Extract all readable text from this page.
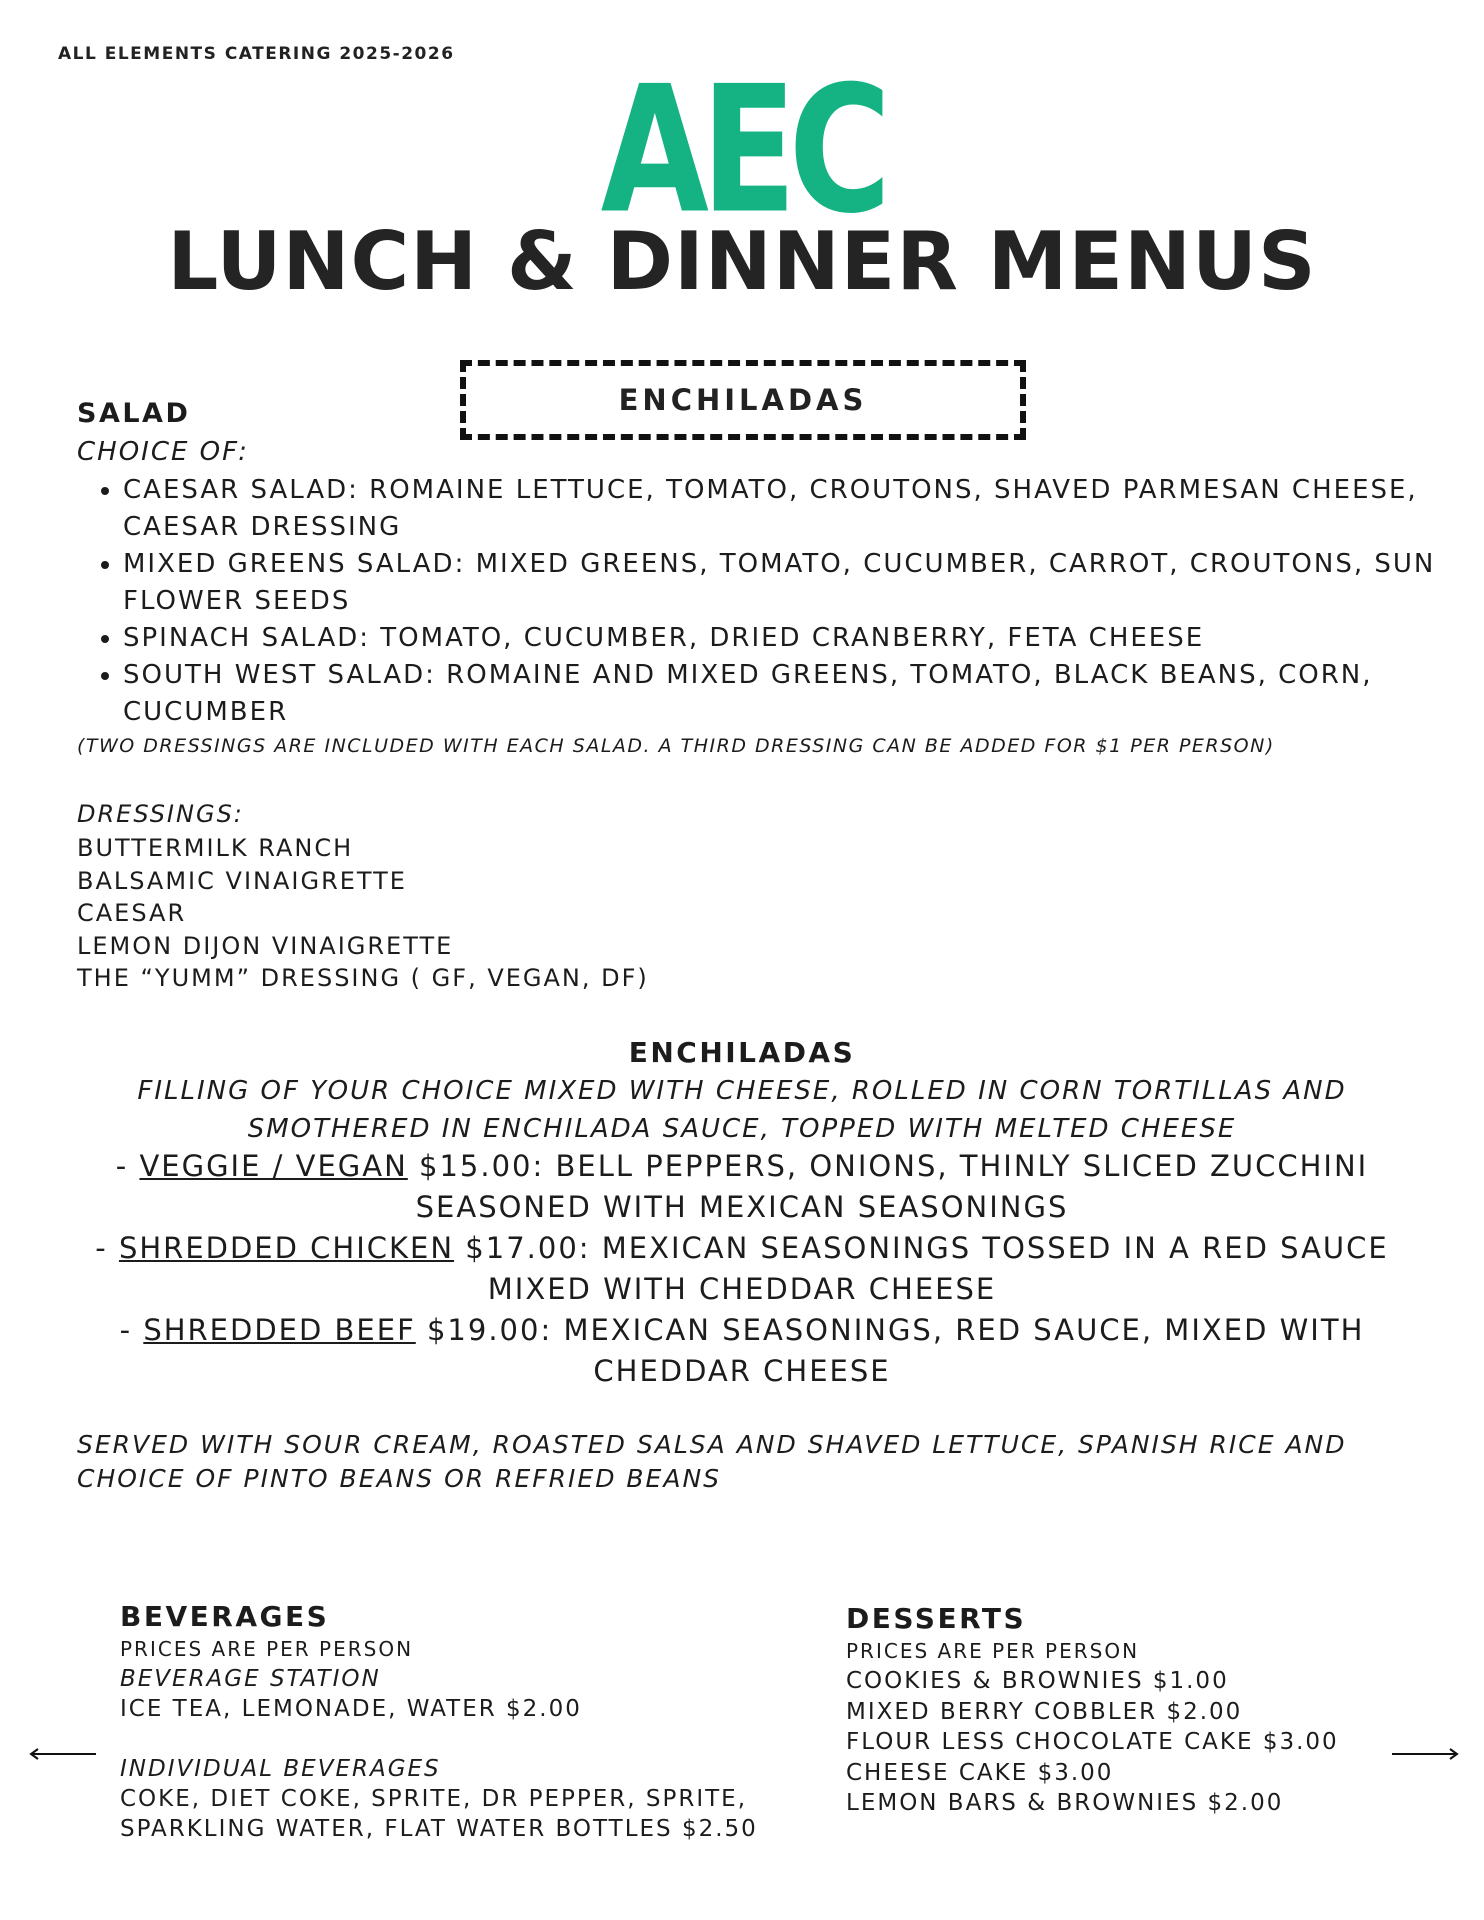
ALL ELEMENTS CATERING 2025-2026	AEC
LUNCH & DINNER MENUS
ENCHILADAS
SALAD
CHOICE OF:
• CAESAR SALAD: ROMAINE LETTUCE, TOMATO, CROUTONS, SHAVED PARMESAN CHEESE, CAESAR DRESSING
• MIXED GREENS SALAD: MIXED GREENS, TOMATO, CUCUMBER, CARROT, CROUTONS, SUN FLOWER SEEDS
• SPINACH SALAD: TOMATO, CUCUMBER, DRIED CRANBERRY, FETA CHEESE
• SOUTH WEST SALAD: ROMAINE AND MIXED GREENS, TOMATO, BLACK BEANS, CORN, CUCUMBER
(TWO DRESSINGS ARE INCLUDED WITH EACH SALAD. A THIRD DRESSING CAN BE ADDED FOR $1 PER PERSON)
DRESSINGS:
BUTTERMILK RANCH
BALSAMIC VINAIGRETTE
CAESAR
LEMON DIJON VINAIGRETTE
THE “YUMM” DRESSING ( GF, VEGAN, DF)
ENCHILADAS
FILLING OF YOUR CHOICE MIXED WITH CHEESE, ROLLED IN CORN TORTILLAS AND SMOTHERED IN ENCHILADA SAUCE, TOPPED WITH MELTED CHEESE

- VEGGIE / VEGAN $15.00: BELL PEPPERS, ONIONS, THINLY SLICED ZUCCHINI SEASONED WITH MEXICAN SEASONINGS

- SHREDDED CHICKEN $17.00: MEXICAN SEASONINGS TOSSED IN A RED SAUCE MIXED WITH CHEDDAR CHEESE

- SHREDDED BEEF $19.00: MEXICAN SEASONINGS, RED SAUCE, MIXED WITH CHEDDAR CHEESE

SERVED WITH SOUR CREAM, ROASTED SALSA AND SHAVED LETTUCE, SPANISH RICE AND CHOICE OF PINTO BEANS OR REFRIED BEANS
BEVERAGES
PRICES ARE PER PERSON
BEVERAGE STATION
ICE TEA, LEMONADE, WATER $2.00
INDIVIDUAL BEVERAGES
COKE, DIET COKE, SPRITE, DR PEPPER, SPRITE,
SPARKLING WATER, FLAT WATER BOTTLES $2.50
DESSERTS
PRICES ARE PER PERSON
COOKIES & BROWNIES $1.00
MIXED BERRY COBBLER $2.00
FLOUR LESS CHOCOLATE CAKE $3.00
CHEESE CAKE $3.00
LEMON BARS & BROWNIES $2.00
